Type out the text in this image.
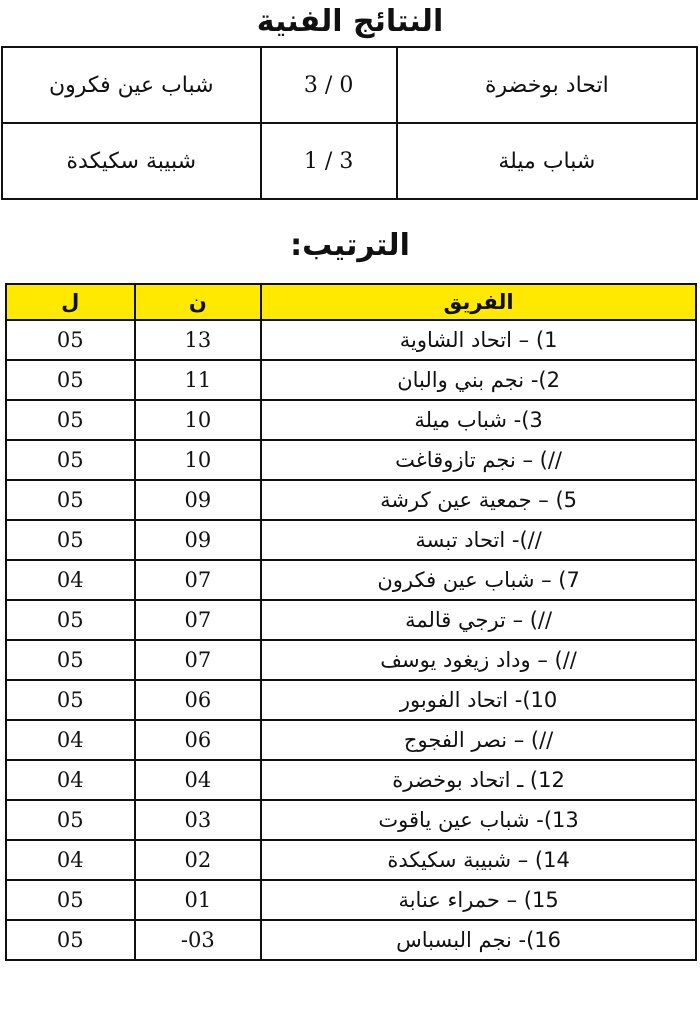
النتائج الفنية
شباب عين فكرون	3 / 0	اتحاد بوخضرة
شبيبة سكيكدة	1 / 3	شباب ميلة
الترتيب:
ل	ن	الفريق
05	13	1) – اتحاد الشاوية
05	11	2)- نجم بني والبان
05	10	3)- شباب ميلة
05	10	//) – نجم تازوقاغت
05	09	5) – جمعية عين كرشة
05	09	//)- اتحاد تبسة
04	07	7) – شباب عين فكرون
05	07	//) – ترجي قالمة
05	07	//) – وداد زيغود يوسف
05	06	10)- اتحاد الفوبور
04	06	//) – نصر الفجوج
04	04	12) ـ اتحاد بوخضرة
05	03	13)- شباب عين ياقوت
04	02	14) – شبيبة سكيكدة
05	01	15) – حمراء عنابة
05	-03	16)- نجم البسباس
